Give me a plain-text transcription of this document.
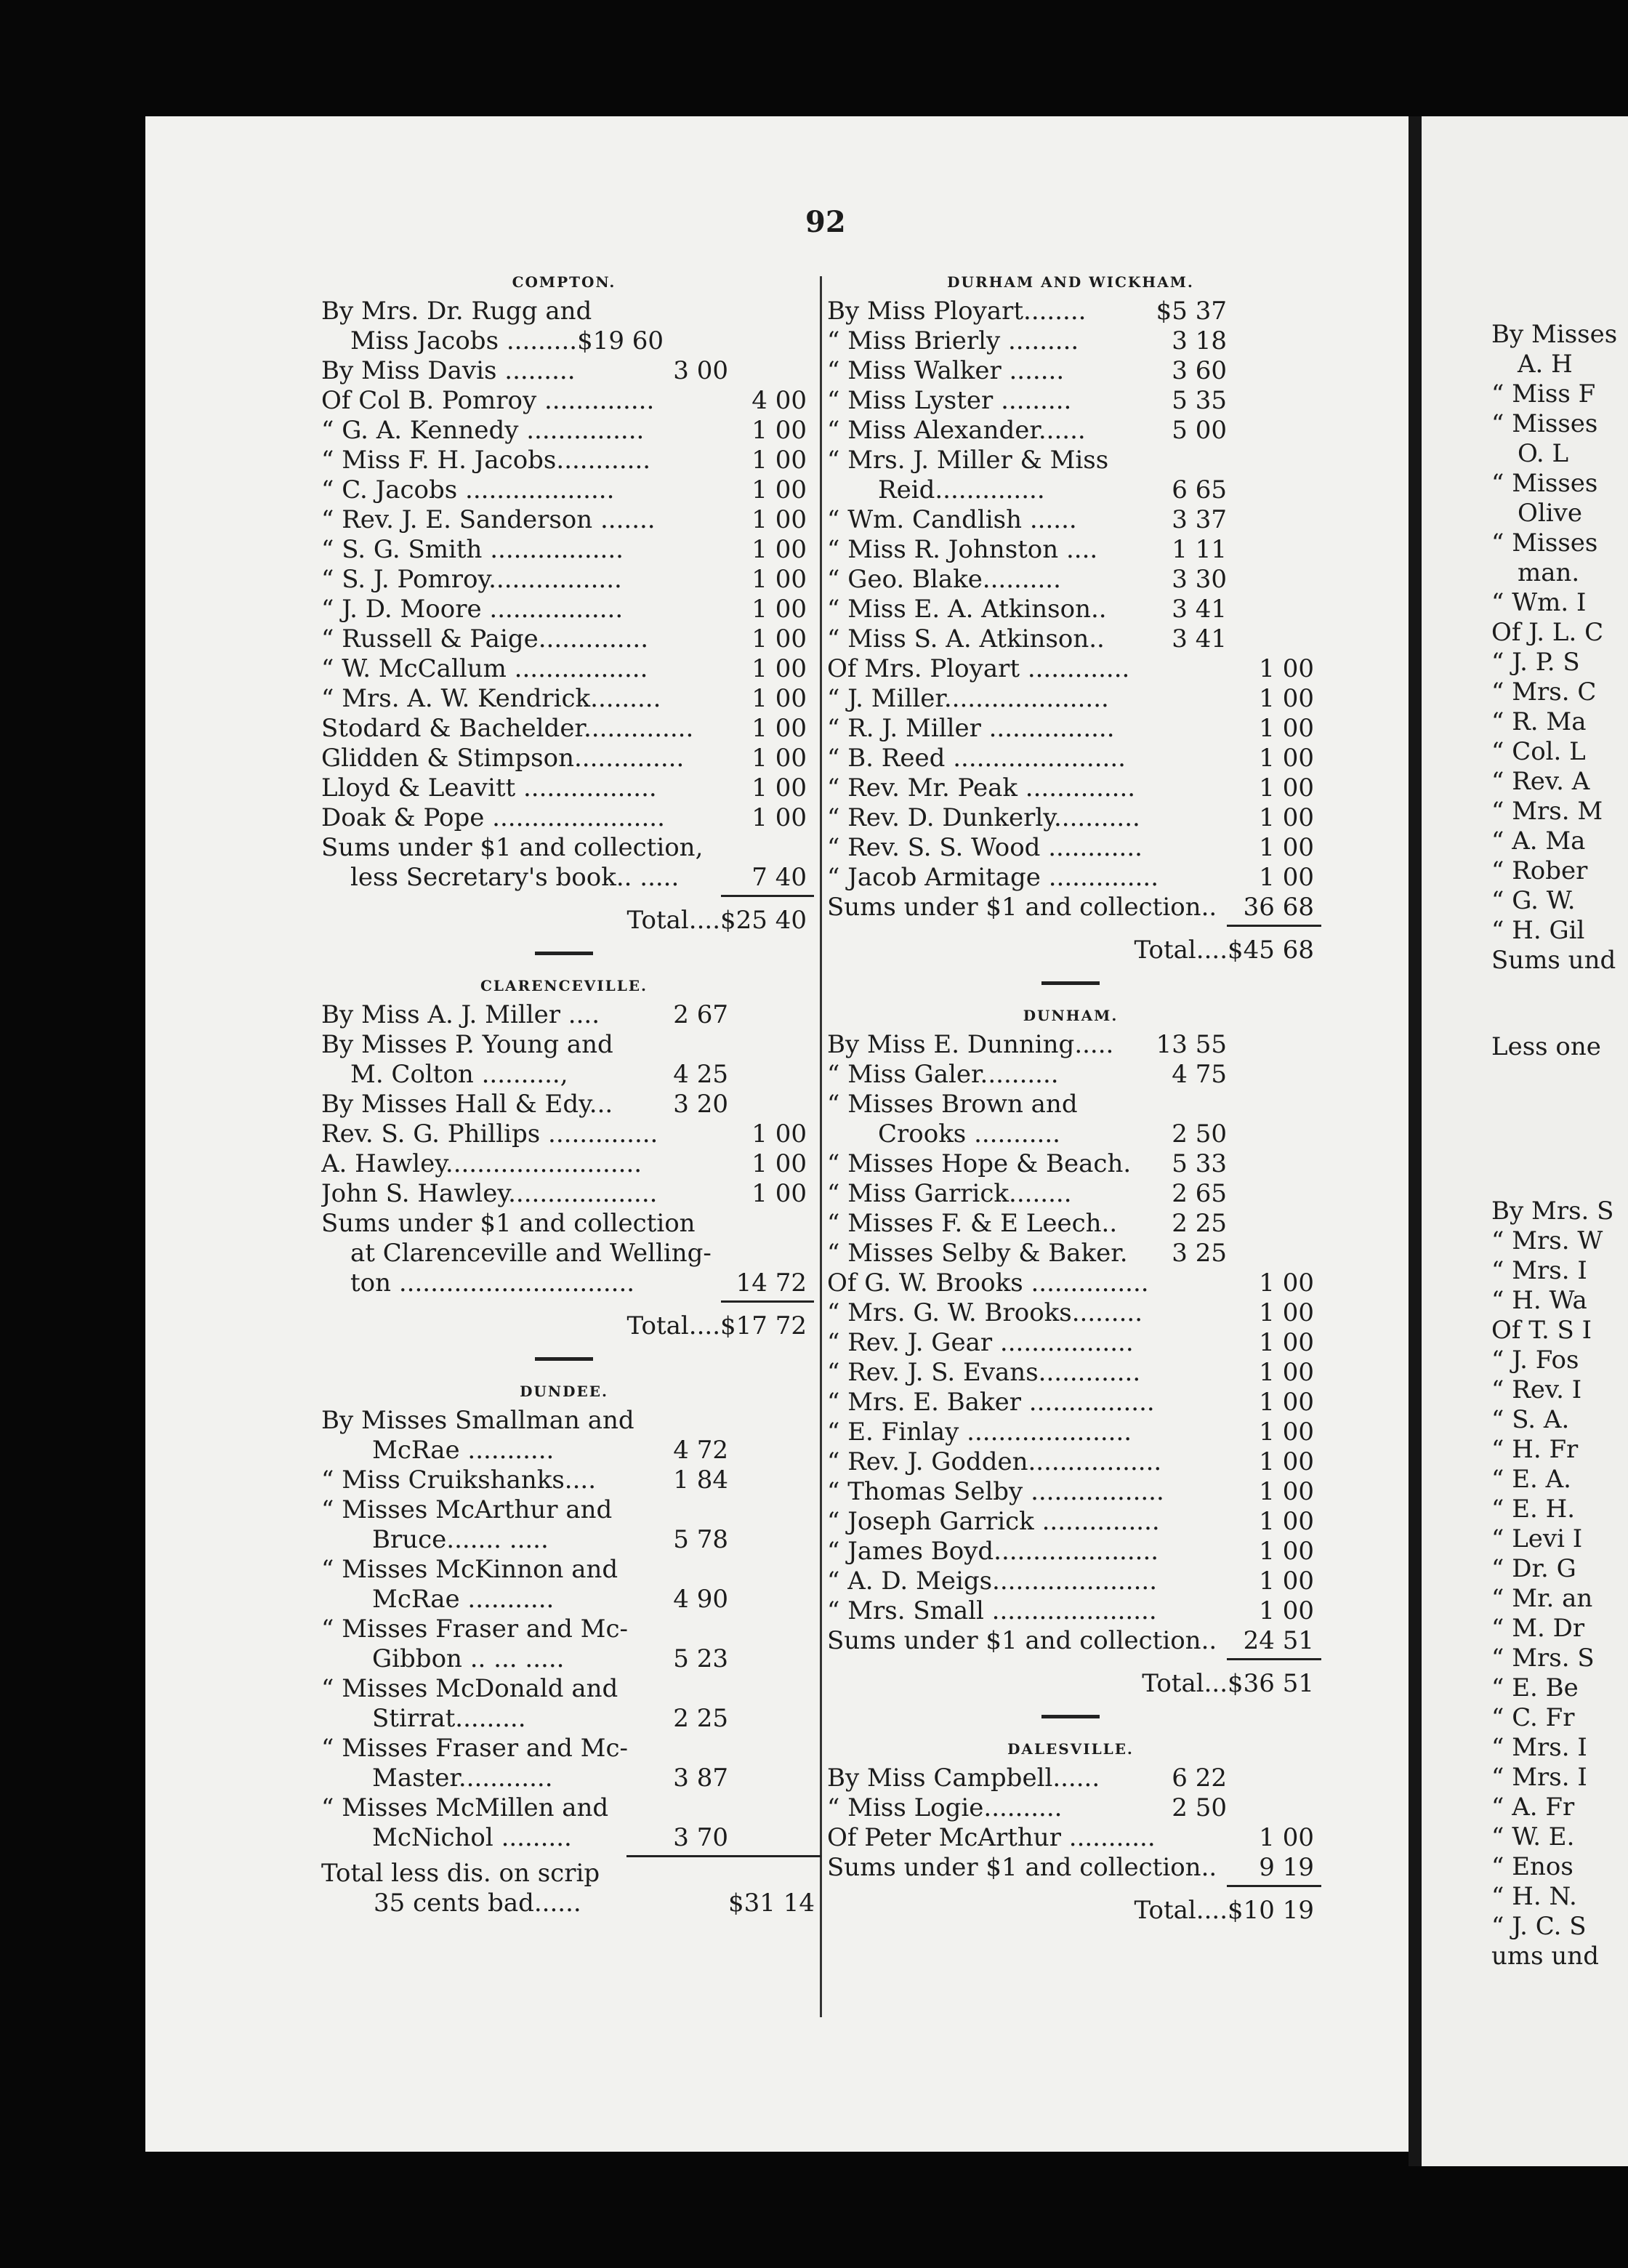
By Misses
A. H
“ Miss F
“ Misses
O. L
“ Misses
Olive
“ Misses
man.
“ Wm. I
Of J. L. C
“ J. P. S
“ Mrs. C
“ R. Ma
“ Col. L
“ Rev. A
“ Mrs. M
“ A. Ma
“ Rober
“ G. W.
“ H. Gil
Sums und
Less one
By Mrs. S
“ Mrs. W
“ Mrs. I
“ H. Wa
Of T. S I
“ J. Fos
“ Rev. I
“ S. A.
“ H. Fr
“ E. A.
“ E. H.
“ Levi I
“ Dr. G
“ Mr. an
“ M. Dr
“ Mrs. S
“ E. Be
“ C. Fr
“ Mrs. I
“ Mrs. I
“ A. Fr
“ W. E.
“ Enos
“ H. N.
“ J. C. S
ums und
92
COMPTON.
By Mrs. Dr. Rugg and
Miss Jacobs .........$19 60
By Miss Davis .........	3 00
Of Col B. Pomroy ..............	4 00
“ G. A. Kennedy ...............	1 00
“ Miss F. H. Jacobs............	1 00
“ C. Jacobs ...................	1 00
“ Rev. J. E. Sanderson .......	1 00
“ S. G. Smith .................	1 00
“ S. J. Pomroy.................	1 00
“ J. D. Moore .................	1 00
“ Russell & Paige..............	1 00
“ W. McCallum .................	1 00
“ Mrs. A. W. Kendrick.........	1 00
Stodard & Bachelder..............	1 00
Glidden & Stimpson..............	1 00
Lloyd & Leavitt .................	1 00
Doak & Pope ......................	1 00
Sums under $1 and collection,
less Secretary's book.. .....	7 40
Total....$25 40
CLARENCEVILLE.
By Miss A. J. Miller ....	2 67
By Misses P. Young and
M. Colton ..........,	4 25
By Misses Hall & Edy...	3 20
Rev. S. G. Phillips ..............	1 00
A. Hawley.........................	1 00
John S. Hawley...................	1 00
Sums under $1 and collection
at Clarenceville and Welling-
ton ..............................	14 72
Total....$17 72
DUNDEE.
By Misses Smallman and
McRae ...........	4 72
“ Miss Cruikshanks....	1 84
“ Misses McArthur and
Bruce....... .....	5 78
“ Misses McKinnon and
McRae ...........	4 90
“ Misses Fraser and Mc-
Gibbon .. ... .....	5 23
“ Misses McDonald and
Stirrat.........	2 25
“ Misses Fraser and Mc-
Master............	3 87
“ Misses McMillen and
McNichol .........	3 70
Total less dis. on scrip
35 cents bad......	$31 14
DURHAM AND WICKHAM.
By Miss Ployart........	$5 37
“ Miss Brierly .........	3 18
“ Miss Walker .......	3 60
“ Miss Lyster .........	5 35
“ Miss Alexander......	5 00
“ Mrs. J. Miller & Miss
Reid..............	6 65
“ Wm. Candlish ......	3 37
“ Miss R. Johnston ....	1 11
“ Geo. Blake..........	3 30
“ Miss E. A. Atkinson..	3 41
“ Miss S. A. Atkinson..	3 41
Of Mrs. Ployart .............	1 00
“ J. Miller.....................	1 00
“ R. J. Miller ................	1 00
“ B. Reed ......................	1 00
“ Rev. Mr. Peak ..............	1 00
“ Rev. D. Dunkerly...........	1 00
“ Rev. S. S. Wood ............	1 00
“ Jacob Armitage ..............	1 00
Sums under $1 and collection..	36 68
Total....$45 68
DUNHAM.
By Miss E. Dunning.....	13 55
“ Miss Galer..........	4 75
“ Misses Brown and
Crooks ...........	2 50
“ Misses Hope & Beach.	5 33
“ Miss Garrick........	2 65
“ Misses F. & E Leech..	2 25
“ Misses Selby & Baker.	3 25
Of G. W. Brooks ...............	1 00
“ Mrs. G. W. Brooks.........	1 00
“ Rev. J. Gear .................	1 00
“ Rev. J. S. Evans.............	1 00
“ Mrs. E. Baker ................	1 00
“ E. Finlay .....................	1 00
“ Rev. J. Godden.................	1 00
“ Thomas Selby .................	1 00
“ Joseph Garrick ...............	1 00
“ James Boyd.....................	1 00
“ A. D. Meigs.....................	1 00
“ Mrs. Small .....................	1 00
Sums under $1 and collection..	24 51
Total...$36 51
DALESVILLE.
By Miss Campbell......	6 22
“ Miss Logie..........	2 50
Of Peter McArthur ...........	1 00
Sums under $1 and collection..	9 19
Total....$10 19
